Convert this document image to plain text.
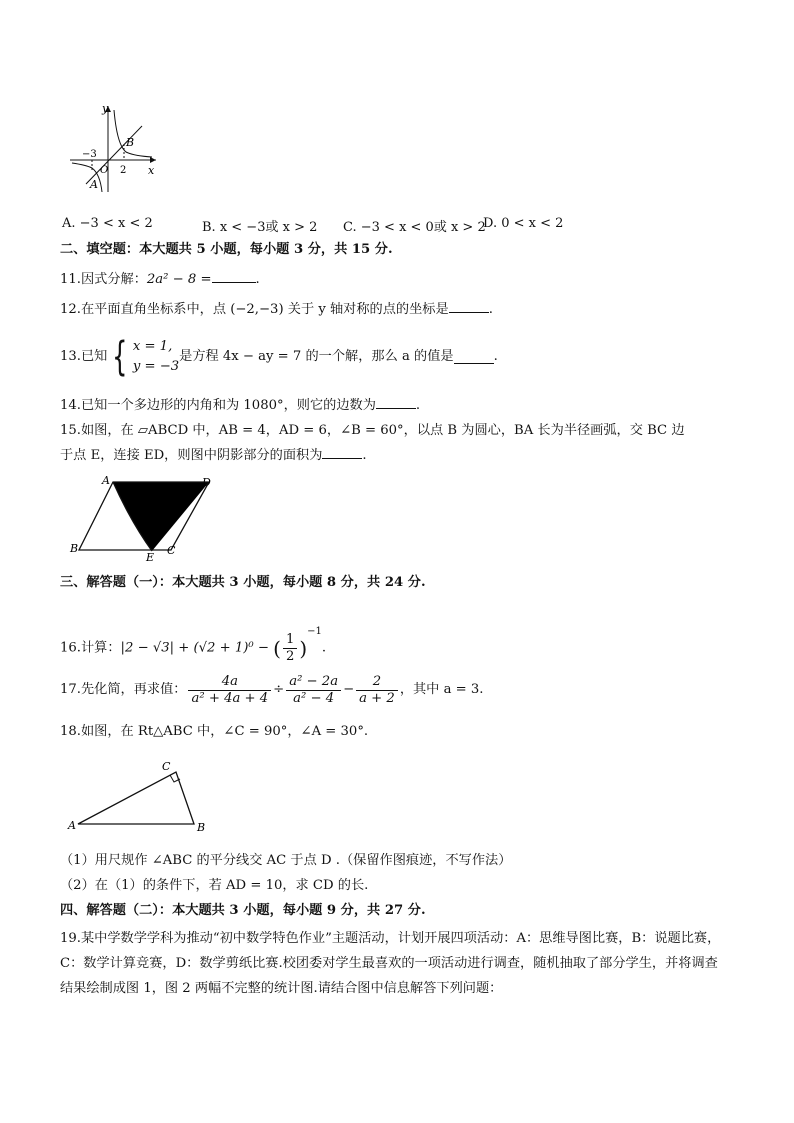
y
x
B
A
O
−3
2
A. −3 < x < 2	B. x < −3或 x > 2 C. −3 < x < 0或 x > 2
D. 0 < x < 2
二、填空题：本大题共 5 小题，每小题 3 分，共 15 分.
11.因式分解：2a² − 8 =	.
12.在平面直角坐标系中，点 (−2,−3) 关于 y 轴对称的点的坐标是	.
13.已知 { x = 1,
y = −3
是方程 4x − ay = 7 的一个解，那么 a 的值是	.
14.已知一个多边形的内角和为 1080°，则它的边数为	.
15.如图，在 ▱ABCD 中，AB = 4，AD = 6，∠B = 60°，以点 B 为圆心，BA 长为半径画弧，交 BC 边
于点 E，连接 ED，则图中阴影部分的面积为	.
A	D
B
E
C
三、解答题（一）：本大题共 3 小题，每小题 8 分，共 24 分.
16.计算：|2 − √3| + (√2 + 1)⁰ − ( $\frac{1}{2} )^{-1}$.
17.先化简，再求值： $\frac{4a}{\text{a² + 4a + 4}} \div \frac{\text{a² − 2a}}{\text{a² − 4}} - \frac{2}{a + 2}$ ，其中 a = 3.
18.如图，在 Rt△ABC 中，∠C = 90°，∠A = 30°.
A	B
C
（1）用尺规作 ∠ABC 的平分线交 AC 于点 D .（保留作图痕迹，不写作法）
（2）在（1）的条件下，若 AD = 10，求 CD 的长.
四、解答题（二）：本大题共 3 小题，每小题 9 分，共 27 分.
19.某中学数学学科为推动“初中数学特色作业”主题活动，计划开展四项活动：A：思维导图比赛，B：说题比赛，C：数学计算竞赛，D：数学剪纸比赛.校团委对学生最喜欢的一项活动进行调查，随机抽取了部分学生，并将调查结果绘制成图 1，图 2 两幅不完整的统计图.请结合图中信息解答下列问题：
